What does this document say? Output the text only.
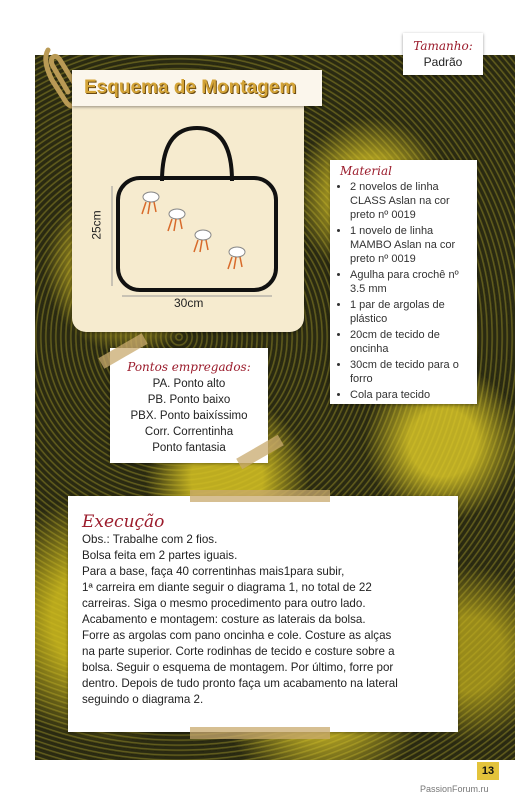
Tamanho:
Padrão
25cm
30cm
Esquema de Montagem
Material
• 2 novelos de linha CLASS Aslan na cor preto nº 0019
• 1 novelo de linha MAMBO Aslan na cor preto nº 0019
• Agulha para crochê nº 3.5 mm
• 1 par de argolas de plástico
• 20cm de tecido de oncinha
• 30cm de tecido para o forro
• Cola para tecido
Pontos empregados:
PA. Ponto alto
PB. Ponto baixo
PBX. Ponto baixíssimo
Corr. Correntinha
Ponto fantasia
Execução
Obs.: Trabalhe com 2 fios.
Bolsa feita em 2 partes iguais.
Para a base, faça 40 correntinhas mais1para subir,
1ª carreira em diante seguir o diagrama 1, no total de 22
carreiras. Siga o mesmo procedimento para outro lado.
Acabamento e montagem: costure as laterais da bolsa.
Forre as argolas com pano oncinha e cole. Costure as alças
na parte superior. Corte rodinhas de tecido e costure sobre a
bolsa. Seguir o esquema de montagem. Por último, forre por
dentro. Depois de tudo pronto faça um acabamento na lateral
seguindo o diagrama 2.
13
PassionForum.ru
